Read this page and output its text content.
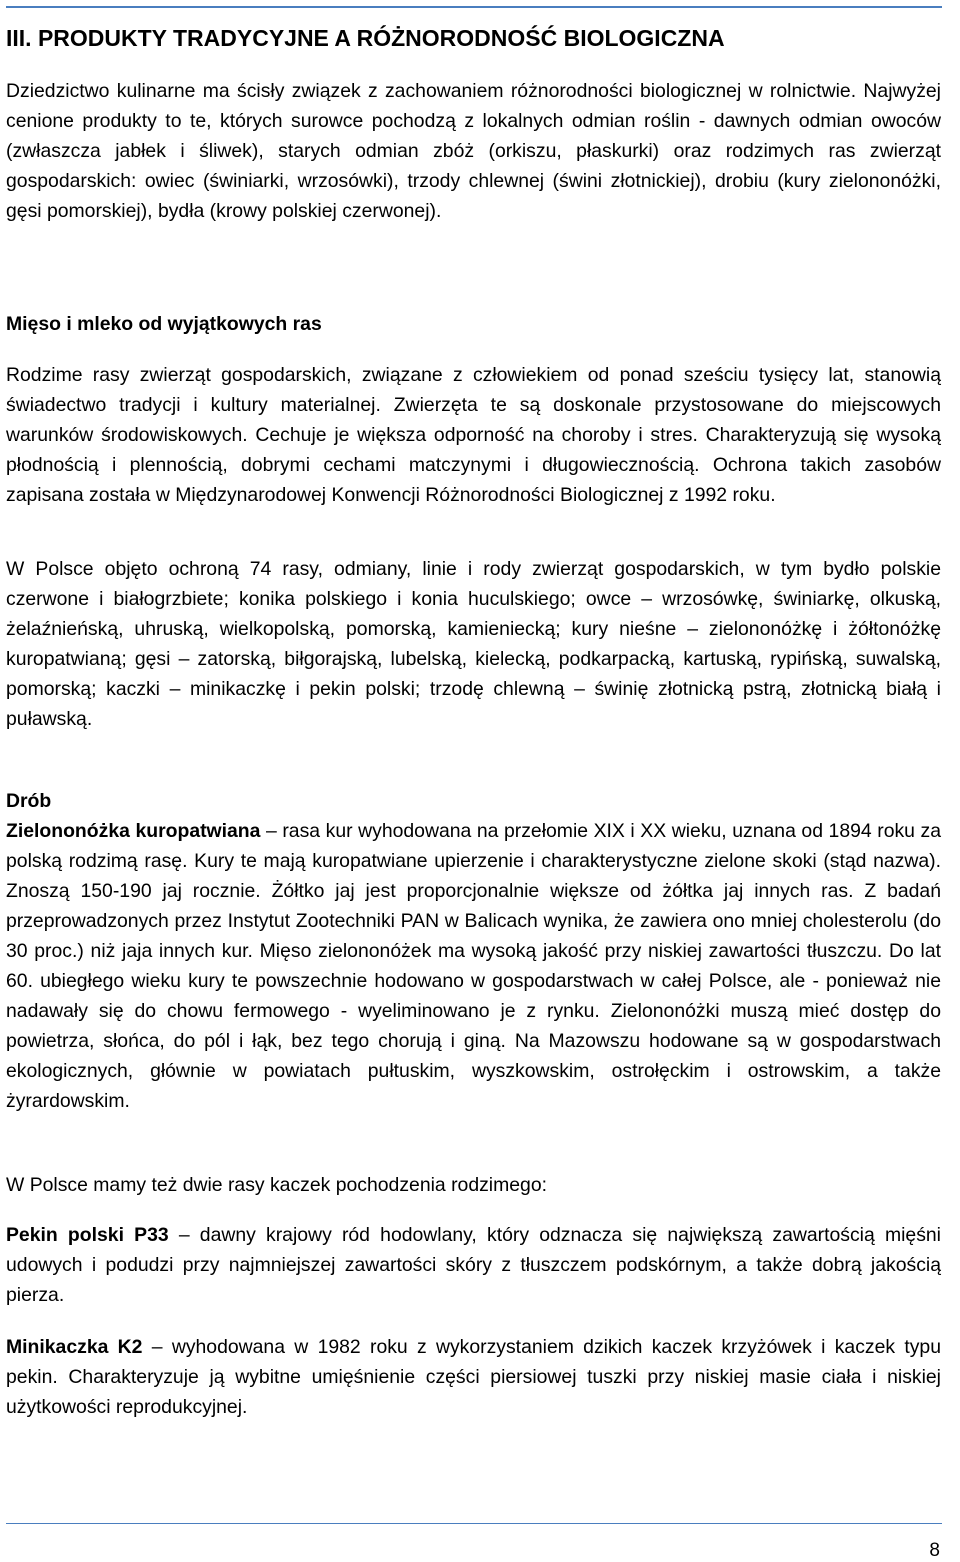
III. PRODUKTY TRADYCYJNE A RÓŻNORODNOŚĆ BIOLOGICZNA

Dziedzictwo kulinarne ma ścisły związek z zachowaniem różnorodności biologicznej w rolnictwie. Najwyżej cenione produkty to te, których surowce pochodzą z lokalnych odmian roślin - dawnych odmian owoców (zwłaszcza jabłek i śliwek), starych odmian zbóż (orkiszu, płaskurki) oraz rodzimych ras zwierząt gospodarskich: owiec (świniarki, wrzosówki), trzody chlewnej (świni złotnickiej), drobiu (kury zielononóżki, gęsi pomorskiej), bydła (krowy polskiej czerwonej).

Mięso i mleko od wyjątkowych ras

Rodzime rasy zwierząt gospodarskich, związane z człowiekiem od ponad sześciu tysięcy lat, stanowią świadectwo tradycji i kultury materialnej. Zwierzęta te są doskonale przystosowane do miejscowych warunków środowiskowych. Cechuje je większa odporność na choroby i stres. Charakteryzują się wysoką płodnością i plennością, dobrymi cechami matczynymi i długowiecznością. Ochrona takich zasobów zapisana została w Międzynarodowej Konwencji Różnorodności Biologicznej z 1992 roku.

W Polsce objęto ochroną 74 rasy, odmiany, linie i rody zwierząt gospodarskich, w tym bydło polskie czerwone i białogrzbiete; konika polskiego i konia huculskiego; owce – wrzosówkę, świniarkę, olkuską, żelaźnieńską, uhruską, wielkopolską, pomorską, kamieniecką; kury nieśne – zielononóżkę i żółtonóżkę kuropatwianą; gęsi – zatorską, biłgorajską, lubelską, kielecką, podkarpacką, kartuską, rypińską, suwalską, pomorską; kaczki – minikaczkę i pekin polski; trzodę chlewną – świnię złotnicką pstrą, złotnicką białą i puławską.

Drób

Zielononóżka kuropatwiana – rasa kur wyhodowana na przełomie XIX i XX wieku, uznana od 1894 roku za polską rodzimą rasę. Kury te mają kuropatwiane upierzenie i charakterystyczne zielone skoki (stąd nazwa). Znoszą 150-190 jaj rocznie. Żółtko jaj jest proporcjonalnie większe od żółtka jaj innych ras. Z badań przeprowadzonych przez Instytut Zootechniki PAN w Balicach wynika, że zawiera ono mniej cholesterolu (do 30 proc.) niż jaja innych kur. Mięso zielononóżek ma wysoką jakość przy niskiej zawartości tłuszczu. Do lat 60. ubiegłego wieku kury te powszechnie hodowano w gospodarstwach w całej Polsce, ale - ponieważ nie nadawały się do chowu fermowego - wyeliminowano je z rynku. Zielononóżki muszą mieć dostęp do powietrza, słońca, do pól i łąk, bez tego chorują i giną. Na Mazowszu hodowane są w gospodarstwach ekologicznych, głównie w powiatach pułtuskim, wyszkowskim, ostrołęckim i ostrowskim, a także żyrardowskim.

W Polsce mamy też dwie rasy kaczek pochodzenia rodzimego:

Pekin polski P33 – dawny krajowy ród hodowlany, który odznacza się największą zawartością mięśni udowych i podudzi przy najmniejszej zawartości skóry z tłuszczem podskórnym, a także dobrą jakością pierza.

Minikaczka K2 – wyhodowana w 1982 roku z wykorzystaniem dzikich kaczek krzyżówek i kaczek typu pekin. Charakteryzuje ją wybitne umięśnienie części piersiowej tuszki przy niskiej masie ciała i niskiej użytkowości reprodukcyjnej.

8
